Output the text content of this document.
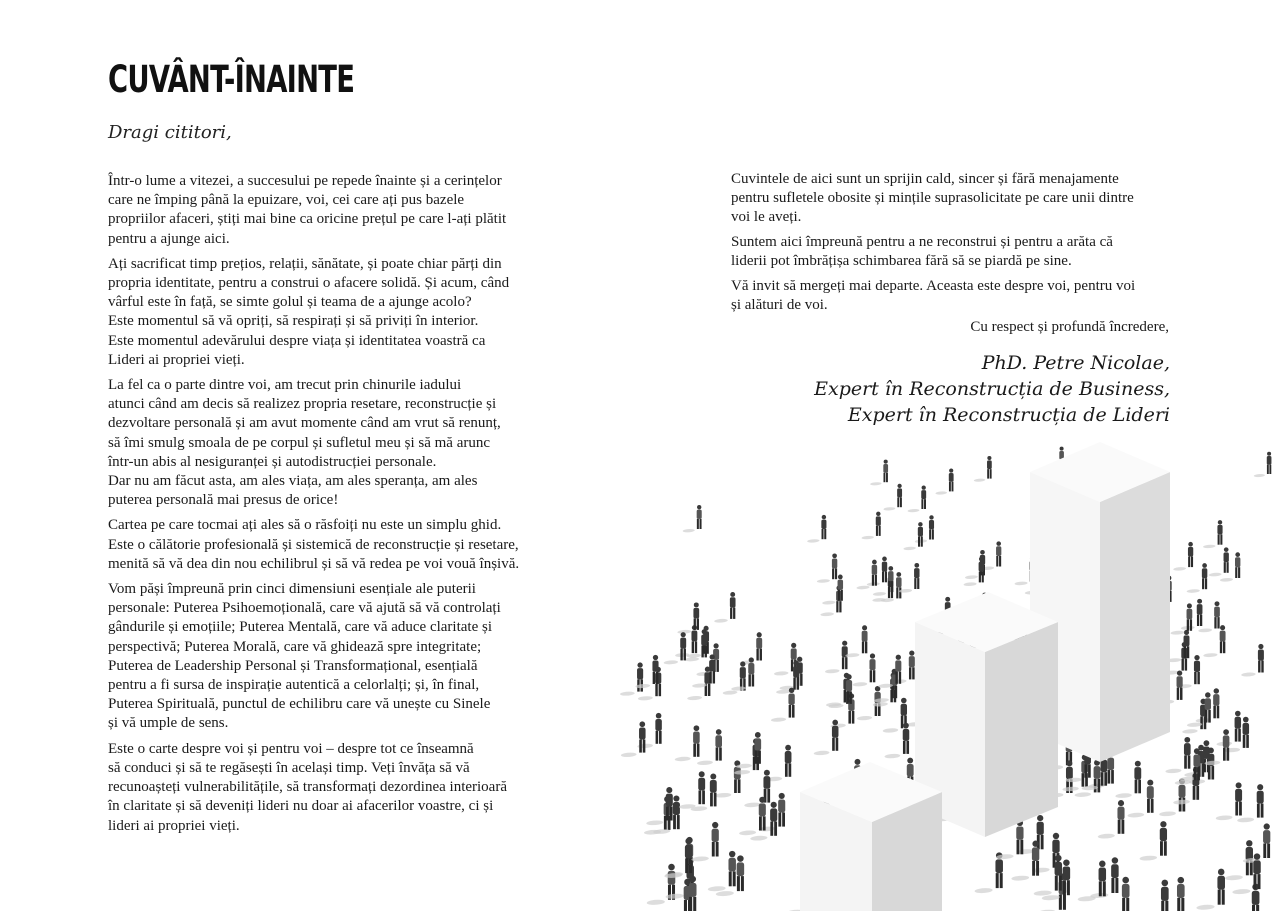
CUVÂNT-ÎNAINTE
Dragi cititori,

Într-o lume a vitezei, a succesului pe repede înainte și a cerințelor
care ne împing până la epuizare, voi, cei care ați pus bazele
propriilor afaceri, știți mai bine ca oricine prețul pe care l-ați plătit
pentru a ajunge aici.

Ați sacrificat timp prețios, relații, sănătate, și poate chiar părți din
propria identitate, pentru a construi o afacere solidă. Și acum, când
vârful este în față, se simte golul și teama de a ajunge acolo?
Este momentul să vă opriți, să respirați și să priviți în interior.
Este momentul adevărului despre viața și identitatea voastră ca
Lideri ai propriei vieți.

La fel ca o parte dintre voi, am trecut prin chinurile iadului
atunci când am decis să realizez propria resetare, reconstrucție și
dezvoltare personală și am avut momente când am vrut să renunț,
să îmi smulg smoala de pe corpul și sufletul meu și să mă arunc
într-un abis al nesiguranței și autodistrucției personale.
Dar nu am făcut asta, am ales viața, am ales speranța, am ales
puterea personală mai presus de orice!

Cartea pe care tocmai ați ales să o răsfoiți nu este un simplu ghid.
Este o călătorie profesională și sistemică de reconstrucție și resetare,
menită să vă dea din nou echilibrul și să vă redea pe voi vouă înșivă.

Vom păși împreună prin cinci dimensiuni esențiale ale puterii
personale: Puterea Psihoemoțională, care vă ajută să vă controlați
gândurile și emoțiile; Puterea Mentală, care vă aduce claritate și
perspectivă; Puterea Morală, care vă ghidează spre integritate;
Puterea de Leadership Personal și Transformațional, esențială
pentru a fi sursa de inspirație autentică a celorlalți; și, în final,
Puterea Spirituală, punctul de echilibru care vă unește cu Sinele
și vă umple de sens.

Este o carte despre voi și pentru voi – despre tot ce înseamnă
să conduci și să te regăsești în același timp. Veți învăța să vă
recunoașteți vulnerabilitățile, să transformați dezordinea interioară
în claritate și să deveniți lideri nu doar ai afacerilor voastre, ci și
lideri ai propriei vieți.

Cuvintele de aici sunt un sprijin cald, sincer și fără menajamente
pentru sufletele obosite și mințile suprasolicitate pe care unii dintre
voi le aveți.

Suntem aici împreună pentru a ne reconstrui și pentru a arăta că
liderii pot îmbrățișa schimbarea fără să se piardă pe sine.

Vă invit să mergeți mai departe. Aceasta este despre voi, pentru voi
și alături de voi.

Cu respect și profundă încredere,
PhD. Petre Nicolae,
Expert în Reconstrucția de Business,
Expert în Reconstrucția de Lideri
